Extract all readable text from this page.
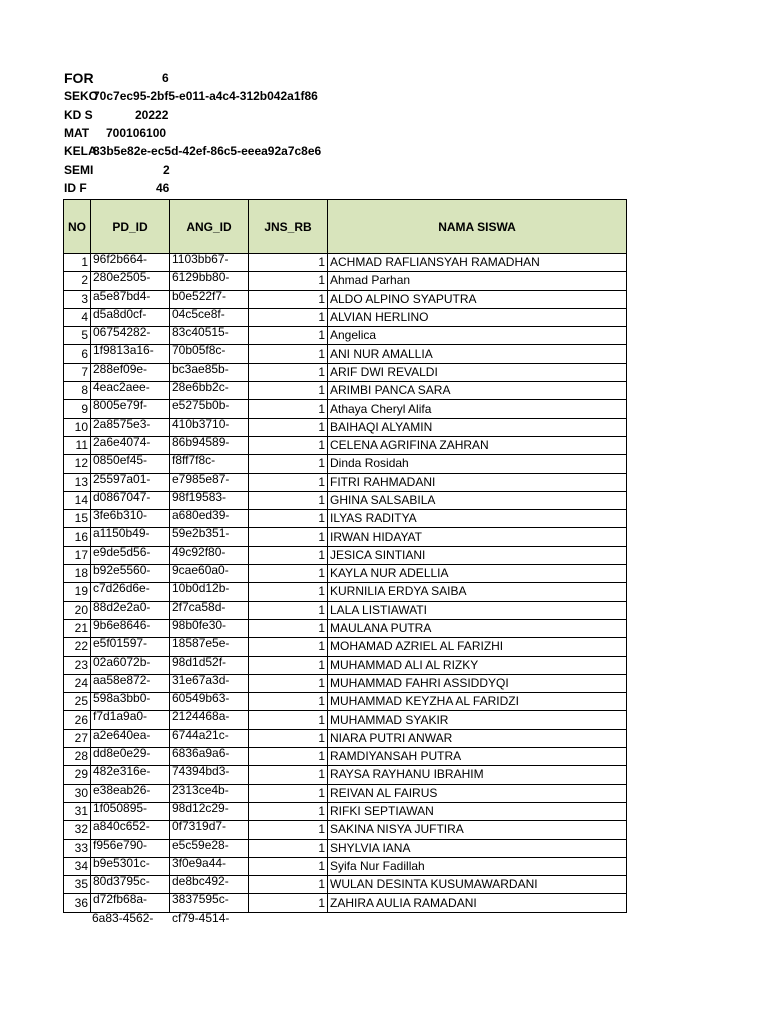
FOR	6
SEKO
70c7ec95-2bf5-e011-a4c4-312b042a1f86
KD S	20222
MAT	700106100
KELA
83b5e82e-ec5d-42ef-86c5-eeea92a7c8e6
SEMI	2
ID F	46
NO	PD_ID	ANG_ID	JNS_RB	NAMA SISWA
1	96f2b664-	1103bb67-	1	ACHMAD RAFLIANSYAH RAMADHAN
2	280e2505-	6129bb80-	1	Ahmad Parhan
3	a5e87bd4-	b0e522f7-	1	ALDO ALPINO SYAPUTRA
4	d5a8d0cf-	04c5ce8f-	1	ALVIAN HERLINO
5	06754282-	83c40515-	1	Angelica
6	1f9813a16-	70b05f8c-	1	ANI NUR AMALLIA
7	288ef09e-	bc3ae85b-	1	ARIF DWI REVALDI
8	4eac2aee-	28e6bb2c-	1	ARIMBI PANCA SARA
9	8005e79f-	e5275b0b-	1	Athaya Cheryl Alifa
10	2a8575e3-	410b3710-	1	BAIHAQI ALYAMIN
11	2a6e4074-	86b94589-	1	CELENA AGRIFINA ZAHRAN
12	0850ef45-	f8ff7f8c-	1	Dinda Rosidah
13	25597a01-	e7985e87-	1	FITRI RAHMADANI
14	d0867047-	98f19583-	1	GHINA SALSABILA
15	3fe6b310-	a680ed39-	1	ILYAS RADITYA
16	a1150b49-	59e2b351-	1	IRWAN HIDAYAT
17	e9de5d56-	49c92f80-	1	JESICA SINTIANI
18	b92e5560-	9cae60a0-	1	KAYLA NUR ADELLIA
19	c7d26d6e-	10b0d12b-	1	KURNILIA ERDYA SAIBA
20	88d2e2a0-	2f7ca58d-	1	LALA LISTIAWATI
21	9b6e8646-	98b0fe30-	1	MAULANA PUTRA
22	e5f01597-	18587e5e-	1	MOHAMAD AZRIEL AL FARIZHI
23	02a6072b-	98d1d52f-	1	MUHAMMAD ALI AL RIZKY
24	aa58e872-	31e67a3d-	1	MUHAMMAD FAHRI ASSIDDYQI
25	598a3bb0-	60549b63-	1	MUHAMMAD KEYZHA AL FARIDZI
26	f7d1a9a0-	2124468a-	1	MUHAMMAD SYAKIR
27	a2e640ea-	6744a21c-	1	NIARA PUTRI ANWAR
28	dd8e0e29-	6836a9a6-	1	RAMDIYANSAH PUTRA
29	482e316e-	74394bd3-	1	RAYSA RAYHANU IBRAHIM
30	e38eab26-	2313ce4b-	1	REIVAN AL FAIRUS
31	1f050895-	98d12c29-	1	RIFKI SEPTIAWAN
32	a840c652-	0f7319d7-	1	SAKINA NISYA JUFTIRA
33	f956e790-	e5c59e28-	1	SHYLVIA IANA
34	b9e5301c-	3f0e9a44-	1	Syifa Nur Fadillah
35	80d3795c-	de8bc492-	1	WULAN DESINTA KUSUMAWARDANI
36	d72fb68a-	3837595c-	1	ZAHIRA AULIA RAMADANI
6a83-4562- cf79-4514-
